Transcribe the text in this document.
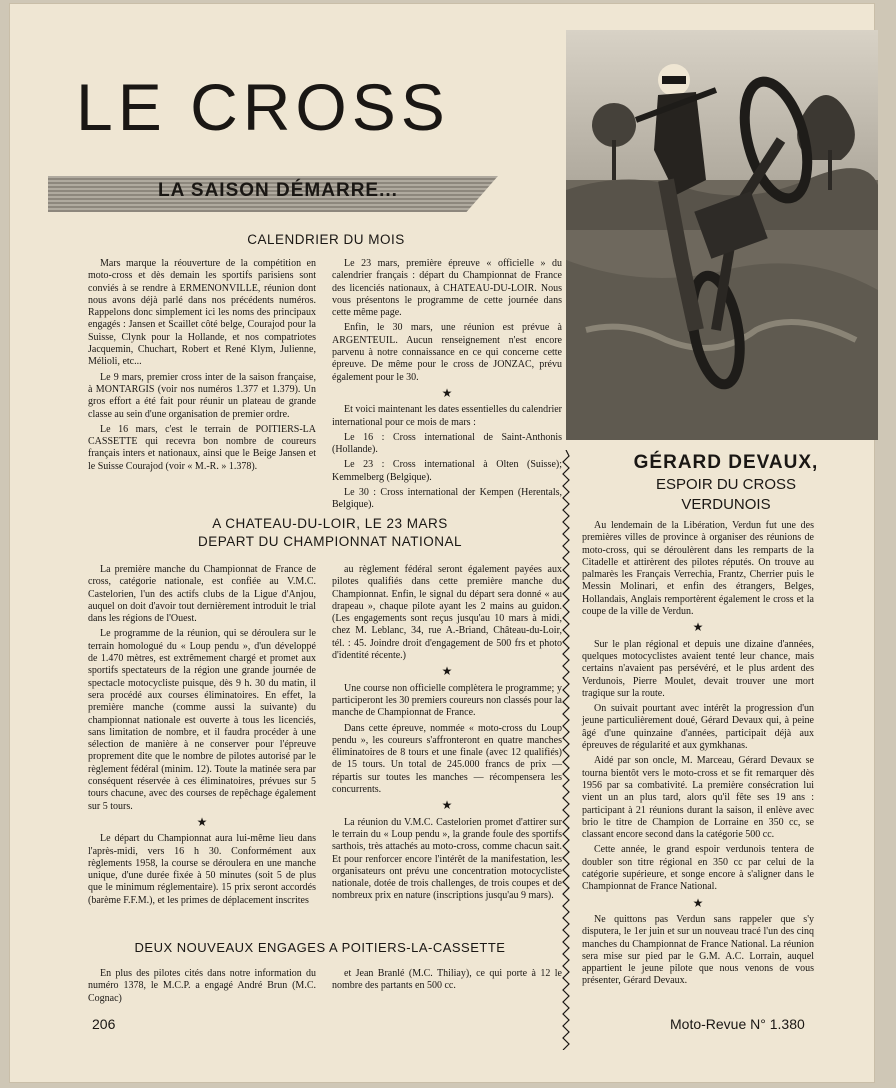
LE CROSS
LA SAISON DÉMARRE...
CALENDRIER DU MOIS

Mars marque la réouverture de la compétition en moto-cross et dès demain les sportifs parisiens sont conviés à se rendre à ERMENONVILLE, réunion dont nous avons déjà parlé dans nos précédents numéros. Rappelons donc simplement ici les noms des principaux engagés : Jansen et Scaillet côté belge, Courajod pour la Suisse, Clynk pour la Hollande, et nos compatriotes Jacquemin, Chuchart, Robert et René Klym, Julienne, Mélioli, etc...

Le 9 mars, premier cross inter de la saison française, à MONTARGIS (voir nos numéros 1.377 et 1.379). Un gros effort a été fait pour réunir un plateau de grande classe au sein d'une organisation de premier ordre.

Le 16 mars, c'est le terrain de POITIERS-LA CASSETTE qui recevra bon nombre de coureurs français inters et nationaux, ainsi que le Beige Jansen et le Suisse Courajod (voir « M.-R. » 1.378).

Le 23 mars, première épreuve « officielle » du calendrier français : départ du Championnat de France des licenciés nationaux, à CHATEAU-DU-LOIR. Nous vous présentons le programme de cette journée dans cette même page.

Enfin, le 30 mars, une réunion est prévue à ARGENTEUIL. Aucun renseignement n'est encore parvenu à notre connaissance en ce qui concerne cette épreuve. De même pour le cross de JONZAC, prévu également pour le 30.

★

Et voici maintenant les dates essentielles du calendrier international pour ce mois de mars :

Le 16 : Cross international de Saint-Anthonis (Hollande).

Le 23 : Cross international à Olten (Suisse); Kemmelberg (Belgique).

Le 30 : Cross international der Kempen (Herentals, Belgique).

A CHATEAU-DU-LOIR, LE 23 MARS
DEPART DU CHAMPIONNAT NATIONAL

La première manche du Championnat de France de cross, catégorie nationale, est confiée au V.M.C. Castelorien, l'un des actifs clubs de la Ligue d'Anjou, auquel on doit d'avoir tout dernièrement introduit le trial dans les régions de l'Ouest.

Le programme de la réunion, qui se déroulera sur le terrain homologué du « Loup pendu », d'un développé de 1.470 mètres, est extrêmement chargé et promet aux sportifs spectateurs de la région une grande journée de spectacle motocycliste puisque, dès 9 h. 30 du matin, il sera procédé aux courses éliminatoires. En effet, la première manche (comme aussi la suivante) du championnat nationale est ouverte à tous les licenciés, sans limitation de nombre, et il faudra procéder à une sélection de manière à ne conserver pour l'épreuve proprement dite que le nombre de pilotes autorisé par le règlement fédéral (minim. 12). Toute la matinée sera par conséquent réservée à ces éliminatoires, prévues sur 5 tours chacune, avec des courses de repêchage également sur 5 tours.

★

Le départ du Championnat aura lui-même lieu dans l'après-midi, vers 16 h 30. Conformément aux règlements 1958, la course se déroulera en une manche unique, d'une durée fixée à 50 minutes (soit 5 de plus que le minimum réglementaire). 15 prix seront accordés (barème F.F.M.), et les primes de déplacement inscrites

au règlement fédéral seront également payées aux pilotes qualifiés dans cette première manche du Championnat. Enfin, le signal du départ sera donné « au drapeau », chaque pilote ayant les 2 mains au guidon. (Les engagements sont reçus jusqu'au 10 mars à midi, chez M. Leblanc, 34, rue A.-Briand, Château-du-Loir, tél. : 45. Joindre droit d'engagement de 500 frs et photo d'identité récente.)

★

Une course non officielle complètera le programme; y participeront les 30 premiers coureurs non classés pour la manche de Championnat de France.

Dans cette épreuve, nommée « moto-cross du Loup pendu », les coureurs s'affronteront en quatre manches éliminatoires de 8 tours et une finale (avec 12 qualifiés) de 15 tours. Un total de 245.000 francs de prix — répartis sur toutes les manches — récompensera les concurrents.

★

La réunion du V.M.C. Castelorien promet d'attirer sur le terrain du « Loup pendu », la grande foule des sportifs sarthois, très attachés au moto-cross, comme chacun sait. Et pour renforcer encore l'intérêt de la manifestation, les organisateurs ont prévu une concentration motocycliste nationale, dotée de trois challenges, de trois coupes et de nombreux prix en nature (inscriptions jusqu'au 9 mars).

DEUX NOUVEAUX ENGAGES A POITIERS-LA-CASSETTE

En plus des pilotes cités dans notre information du numéro 1378, le M.C.P. a engagé André Brun (M.C. Cognac)

et Jean Branlé (M.C. Thiliay), ce qui porte à 12 le nombre des partants en 500 cc.

GÉRARD DEVAUX,
ESPOIR DU CROSS
VERDUNOIS

Au lendemain de la Libération, Verdun fut une des premières villes de province à organiser des réunions de moto-cross, qui se déroulèrent dans les remparts de la Citadelle et attirèrent des pilotes réputés. On trouve au palmarès les Français Verrechia, Frantz, Cherrier puis le Messin Molinari, et enfin des étrangers, Belges, Hollandais, Anglais remportèrent également le cross et la coupe de la ville de Verdun.

★

Sur le plan régional et depuis une dizaine d'années, quelques motocyclistes avaient tenté leur chance, mais certains n'avaient pas persévéré, et le plus ardent des Verdunois, Pierre Moulet, devait trouver une mort tragique sur la route.

On suivait pourtant avec intérêt la progression d'un jeune particulièrement doué, Gérard Devaux qui, à peine âgé d'une quinzaine d'années, participait déjà aux épreuves de régularité et aux gymkhanas.

Aidé par son oncle, M. Marceau, Gérard Devaux se tourna bientôt vers le moto-cross et se fit remarquer dès 1956 par sa combativité. La première consécration lui vient un an plus tard, alors qu'il fête ses 19 ans : participant à 21 réunions durant la saison, il enlève avec brio le titre de Champion de Lorraine en 350 cc, se classant encore second dans la catégorie 500 cc.

Cette année, le grand espoir verdunois tentera de doubler son titre régional en 350 cc par celui de la catégorie supérieure, et songe encore à s'aligner dans le Championnat de France National.

★

Ne quittons pas Verdun sans rappeler que s'y disputera, le 1er juin et sur un nouveau tracé l'un des cinq manches du Championnat de France National. La réunion sera mise sur pied par le G.M. A.C. Lorrain, auquel appartient le jeune pilote que nous venons de vous présenter, Gérard Devaux.

206	Moto-Revue N° 1.380
